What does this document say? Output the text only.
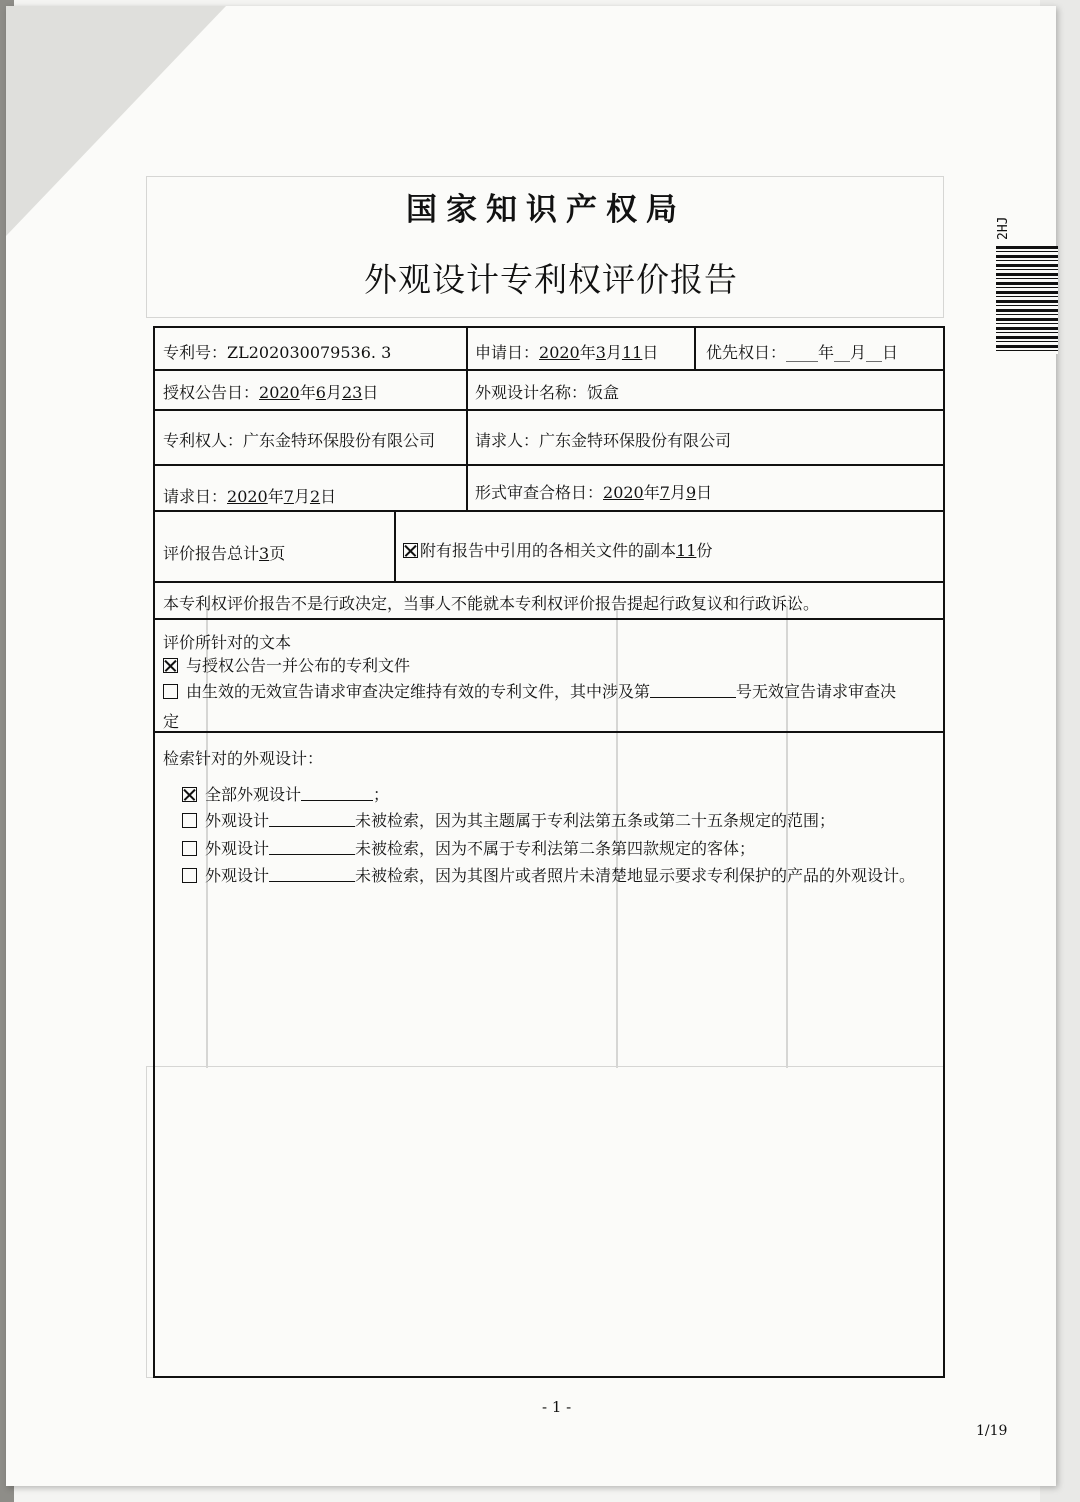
国家知识产权局
外观设计专利权评价报告
2HJ
专利号：ZL202030079536. 3	申请日：2020年3月11日	优先权日：____年__月__日
授权公告日：2020年6月23日	外观设计名称：饭盒
专利权人：广东金特环保股份有限公司 请求人：广东金特环保股份有限公司
请求日：2020年7月2日	形式审查合格日：2020年7月9日
评价报告总计3页	附有报告中引用的各相关文件的副本11份
本专利权评价报告不是行政决定，当事人不能就本专利权评价报告提起行政复议和行政诉讼。
评价所针对的文本
与授权公告一并公布的专利文件
由生效的无效宣告请求审查决定维持有效的专利文件，其中涉及第	号无效宣告请求审查决
定
检索针对的外观设计：
全部外观设计	；
外观设计	未被检索，因为其主题属于专利法第五条或第二十五条规定的范围；
外观设计	未被检索，因为不属于专利法第二条第四款规定的客体；
外观设计	未被检索，因为其图片或者照片未清楚地显示要求专利保护的产品的外观设计。
- 1 -
1/19
